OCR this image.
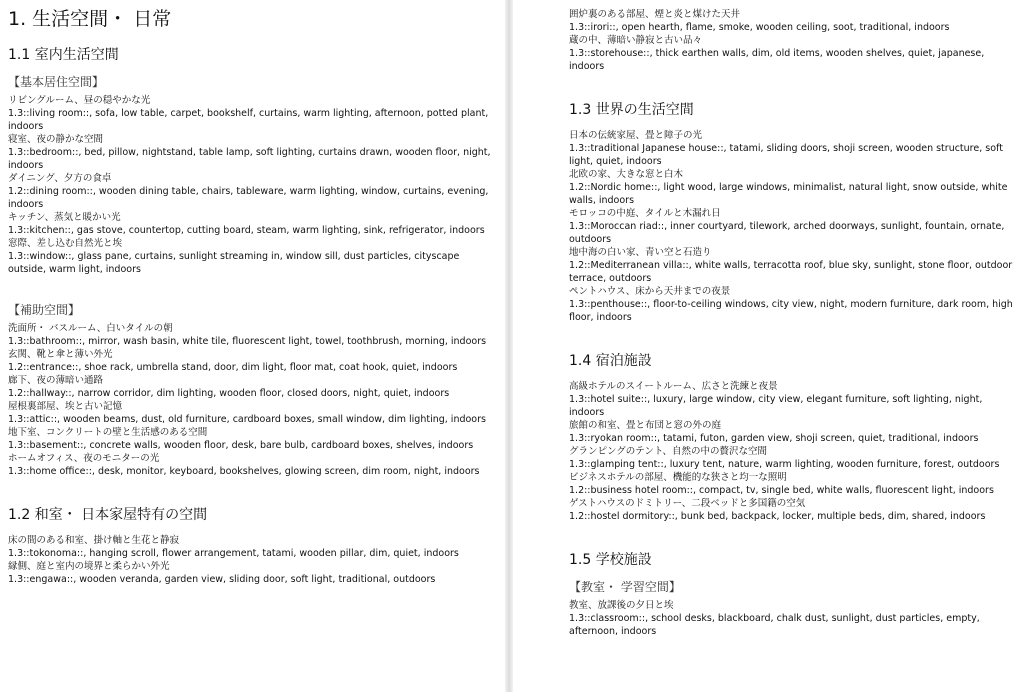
1. 生活空間・ 日常
1.1 室内生活空間
【基本居住空間】

リビングルーム、昼の穏やかな光

1.3::living room::, sofa, low table, carpet, bookshelf, curtains, warm lighting, afternoon, potted plant, indoors

寝室、夜の静かな空間

1.3::bedroom::, bed, pillow, nightstand, table lamp, soft lighting, curtains drawn, wooden floor, night, indoors

ダイニング、夕方の食卓

1.2::dining room::, wooden dining table, chairs, tableware, warm lighting, window, curtains, evening, indoors

キッチン、蒸気と暖かい光

1.3::kitchen::, gas stove, countertop, cutting board, steam, warm lighting, sink, refrigerator, indoors

窓際、差し込む自然光と埃

1.3::window::, glass pane, curtains, sunlight streaming in, window sill, dust particles, cityscape outside, warm light, indoors

【補助空間】

洗面所・ バスルーム、白いタイルの朝

1.3::bathroom::, mirror, wash basin, white tile, fluorescent light, towel, toothbrush, morning, indoors

玄関、靴と傘と薄い外光

1.2::entrance::, shoe rack, umbrella stand, door, dim light, floor mat, coat hook, quiet, indoors

廊下、夜の薄暗い通路

1.2::hallway::, narrow corridor, dim lighting, wooden floor, closed doors, night, quiet, indoors

屋根裏部屋、埃と古い記憶

1.3::attic::, wooden beams, dust, old furniture, cardboard boxes, small window, dim lighting, indoors

地下室、コンクリートの壁と生活感のある空間

1.3::basement::, concrete walls, wooden floor, desk, bare bulb, cardboard boxes, shelves, indoors

ホームオフィス、夜のモニターの光

1.3::home office::, desk, monitor, keyboard, bookshelves, glowing screen, dim room, night, indoors

1.2 和室・ 日本家屋特有の空間

床の間のある和室、掛け軸と生花と静寂

1.3::tokonoma::, hanging scroll, flower arrangement, tatami, wooden pillar, dim, quiet, indoors

縁側、庭と室内の境界と柔らかい外光

1.3::engawa::, wooden veranda, garden view, sliding door, soft light, traditional, outdoors

囲炉裏のある部屋、煙と炎と煤けた天井

1.3::irori::, open hearth, flame, smoke, wooden ceiling, soot, traditional, indoors

蔵の中、薄暗い静寂と古い品々

1.3::storehouse::, thick earthen walls, dim, old items, wooden shelves, quiet, japanese, indoors

1.3 世界の生活空間

日本の伝統家屋、畳と障子の光

1.3::traditional Japanese house::, tatami, sliding doors, shoji screen, wooden structure, soft light, quiet, indoors

北欧の家、大きな窓と白木

1.2::Nordic home::, light wood, large windows, minimalist, natural light, snow outside, white walls, indoors

モロッコの中庭、タイルと木漏れ日

1.3::Moroccan riad::, inner courtyard, tilework, arched doorways, sunlight, fountain, ornate, outdoors

地中海の白い家、青い空と石造り

1.2::Mediterranean villa::, white walls, terracotta roof, blue sky, sunlight, stone floor, outdoor terrace, outdoors

ペントハウス、床から天井までの夜景

1.3::penthouse::, floor-to-ceiling windows, city view, night, modern furniture, dark room, high floor, indoors

1.4 宿泊施設

高級ホテルのスイートルーム、広さと洗練と夜景

1.3::hotel suite::, luxury, large window, city view, elegant furniture, soft lighting, night, indoors

旅館の和室、畳と布団と窓の外の庭

1.3::ryokan room::, tatami, futon, garden view, shoji screen, quiet, traditional, indoors

グランピングのテント、自然の中の贅沢な空間

1.3::glamping tent::, luxury tent, nature, warm lighting, wooden furniture, forest, outdoors

ビジネスホテルの部屋、機能的な狭さと均一な照明

1.2::business hotel room::, compact, tv, single bed, white walls, fluorescent light, indoors

ゲストハウスのドミトリー、二段ベッドと多国籍の空気

1.2::hostel dormitory::, bunk bed, backpack, locker, multiple beds, dim, shared, indoors

1.5 学校施設
【教室・ 学習空間】

教室、放課後の夕日と埃

1.3::classroom::, school desks, blackboard, chalk dust, sunlight, dust particles, empty, afternoon, indoors
